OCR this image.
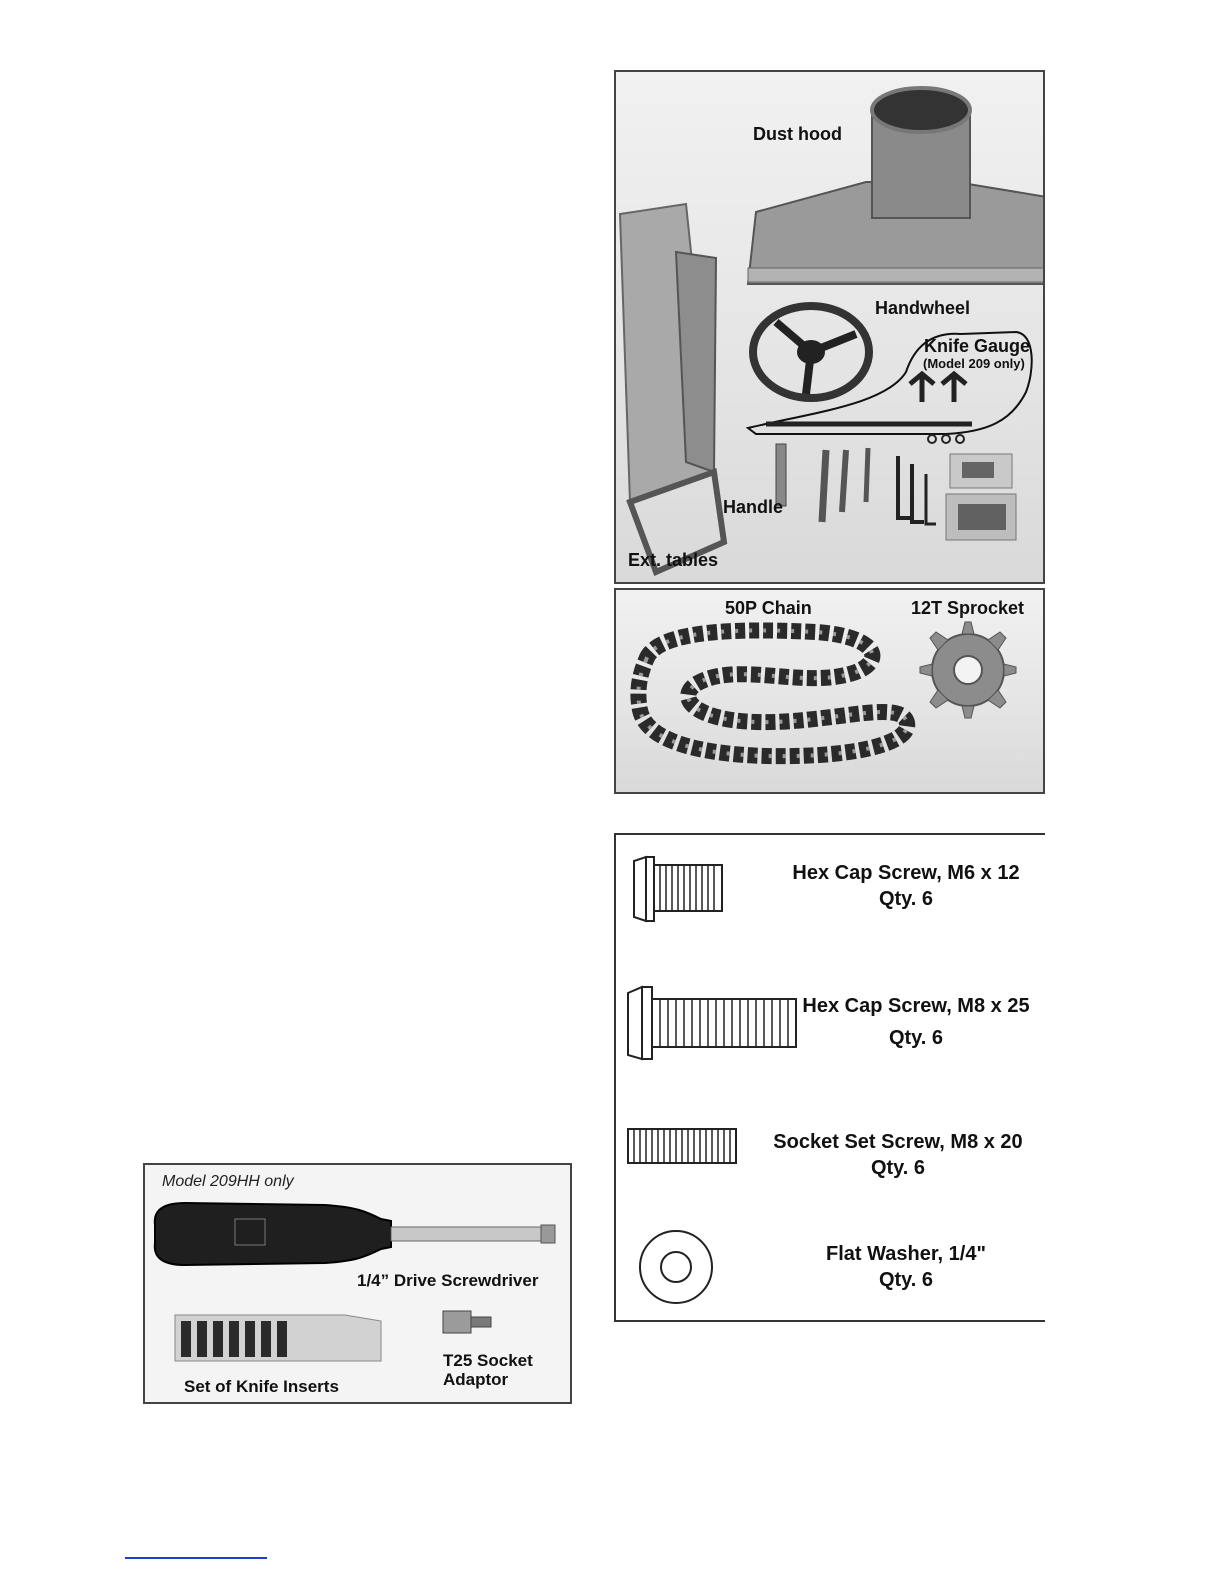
Dust hood
Handwheel
Knife Gauge
(Model 209 only)
Handle
Ext. tables
50P Chain	12T Sprocket
Hex Cap Screw, M6 x 12
Qty. 6
Hex Cap Screw, M8 x 25
Qty. 6
Socket Set Screw, M8 x 20
Qty. 6
Flat Washer, 1/4"
Qty. 6
Model 209HH only
1/4” Drive Screwdriver
Set of Knife Inserts
T25 Socket
Adaptor
